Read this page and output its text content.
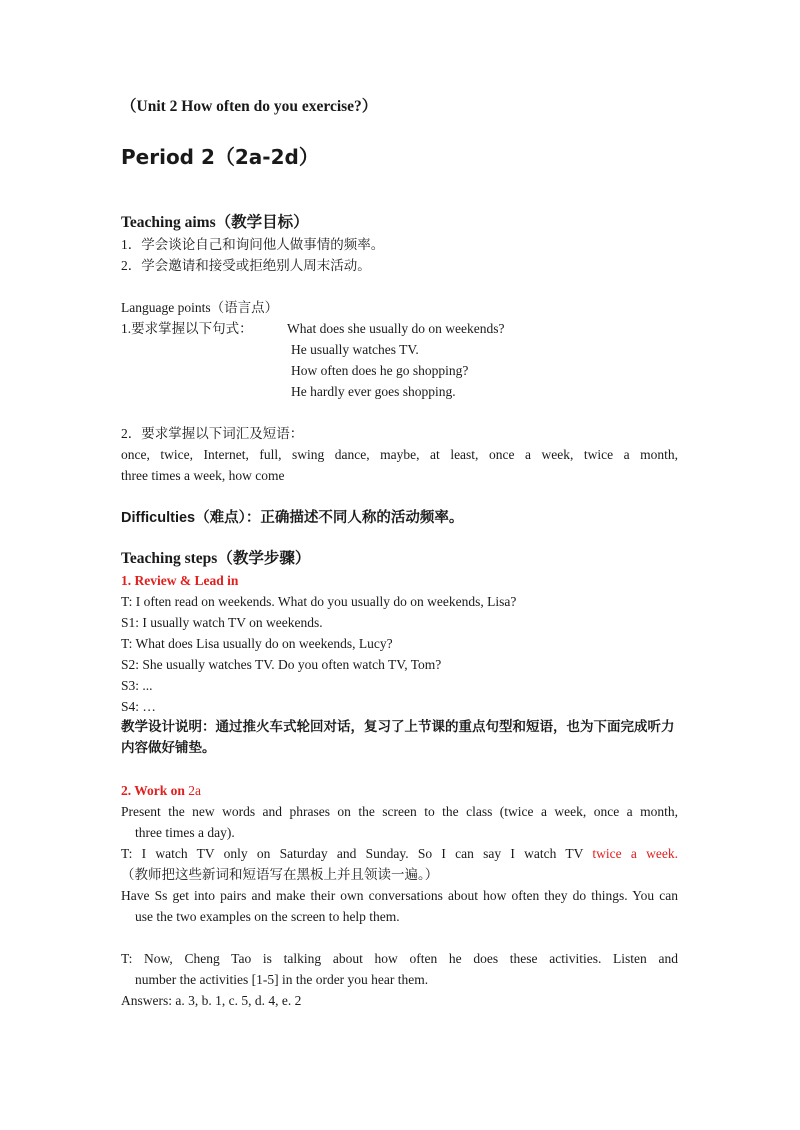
（Unit 2 How often do you exercise?）
Period 2（2a-2d）
Teaching aims（教学目标）
1．学会谈论自己和询问他人做事情的频率。
2．学会邀请和接受或拒绝别人周末活动。
Language points（语言点）
1.要求掌握以下句式：	What does she usually do on weekends?
He usually watches TV.
How often does he go shopping?
He hardly ever goes shopping.
2．要求掌握以下词汇及短语：
once, twice, Internet, full, swing dance, maybe, at least, once a week, twice a month,
three times a week, how come
Difficulties（难点）：正确描述不同人称的活动频率。
Teaching steps（教学步骤）
1. Review & Lead in
T: I often read on weekends. What do you usually do on weekends, Lisa?
S1: I usually watch TV on weekends.
T: What does Lisa usually do on weekends, Lucy?
S2: She usually watches TV. Do you often watch TV, Tom?
S3: ...
S4: …
教学设计说明：通过推火车式轮回对话，复习了上节课的重点句型和短语，也为下面完成听力内容做好铺垫。
2. Work on 2a
Present the new words and phrases on the screen to the class (twice a week, once a month,
three times a day).
T: I watch TV only on Saturday and Sunday. So I can say I watch TV twice a week.
（教师把这些新词和短语写在黑板上并且领读一遍。）
Have Ss get into pairs and make their own conversations about how often they do things. You can
use the two examples on the screen to help them.
T: Now, Cheng Tao is talking about how often he does these activities. Listen and
number the activities [1-5] in the order you hear them.
Answers: a. 3, b. 1, c. 5, d. 4, e. 2
